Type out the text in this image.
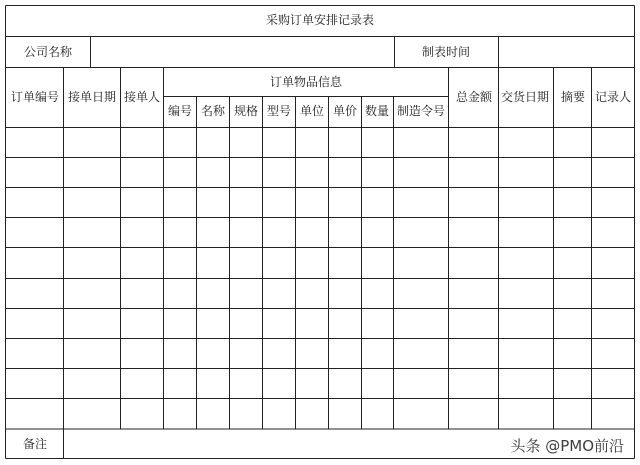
采购订单安排记录表
公司名称	制表时间
订单编号 接单日期 接单人
订单物品信息
编号 名称 规格 型号 单位 单价 数量 制造令号
总金额 交货日期 摘要 记录人
备注	头条 @PMO前沿
